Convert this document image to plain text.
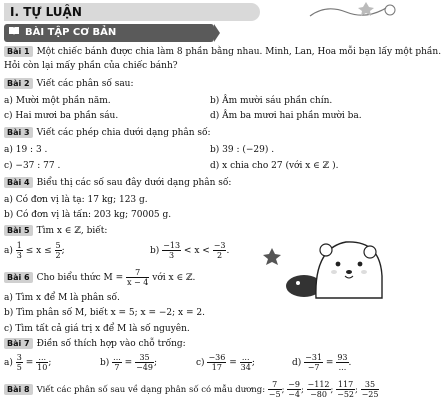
I. TỰ LUẬN
BÀI TẬP CƠ BẢN
Bài 1 Một chiếc bánh được chia làm 8 phần bằng nhau. Minh, Lan, Hoa mỗi bạn lấy một phần.
Hỏi còn lại mấy phần của chiếc bánh?
Bài 2 Viết các phân số sau:
a) Mười một phần năm.	b) Âm mười sáu phần chín.
c) Hai mươi ba phần sáu.	d) Âm ba mươi hai phần mười ba.
Bài 3 Viết các phép chia dưới dạng phân số:
a) 19 : 3 .	b) 39 : (−29) .
c) −37 : 77 .	d) x chia cho 27 (với x ∈ ℤ ).
Bài 4 Biểu thị các số sau đây dưới dạng phân số:
a) Có đơn vị là tạ: 17 kg; 123 g.
b) Có đơn vị là tấn: 203 kg; 70005 g.
Bài 5 Tìm x ∈ ℤ, biết:
$a) \frac{1}{3} \le x \le \frac{5}{2}$ ;	$b) \frac{-13}{3} < x < \frac{-3}{2}$ .
Bài 6 Cho biểu thức $M = \frac{7}{x - 4}$ với x ∈ ℤ.
a) Tìm x để M là phân số.
b) Tìm phân số M, biết x = 5; x = −2; x = 2.
c) Tìm tất cả giá trị x để M là số nguyên.
Bài 7 Điền số thích hợp vào chỗ trống:
$a) \frac{3}{5} = \frac{...}{10}$ ;	$b) \frac{...}{7} = \frac{35}{-49}$ ;	$c) \frac{-36}{17} = \frac{...}{34}$ ;	$d) \frac{-31}{-7} = \frac{93}{...}$ .
Bài 8 Viết các phân số sau về dạng phân số có mẫu dương: $\frac{7}{-5}$ ; $\frac{-9}{-4}$ ; $\frac{-112}{-80}$ ; $\frac{117}{-52}$ ; $\frac{35}{-25}$
